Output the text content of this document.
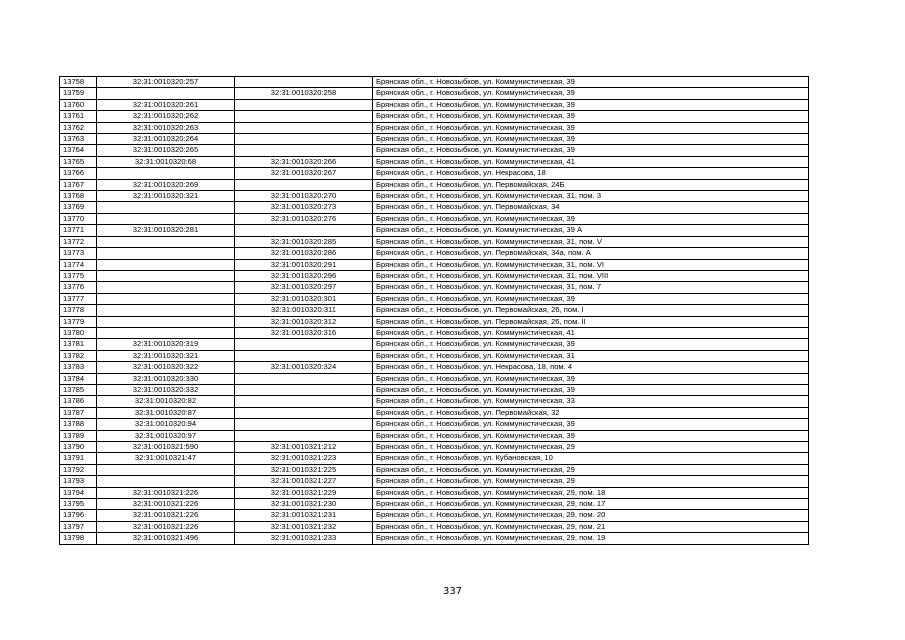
13758	32:31:0010320:257		Брянская обл., г. Новозыбков, ул. Коммунистическая, 39
13759		32:31:0010320:258	Брянская обл., г. Новозыбков, ул. Коммунистическая, 39
13760	32:31:0010320:261		Брянская обл., г. Новозыбков, ул. Коммунистическая, 39
13761	32:31:0010320:262		Брянская обл., г. Новозыбков, ул. Коммунистическая, 39
13762	32:31:0010320:263		Брянская обл., г. Новозыбков, ул. Коммунистическая, 39
13763	32:31:0010320:264		Брянская обл., г. Новозыбков, ул. Коммунистическая, 39
13764	32:31:0010320:265		Брянская обл., г. Новозыбков, ул. Коммунистическая, 39
13765	32:31:0010320:68	32:31:0010320:266	Брянская обл., г. Новозыбков, ул. Коммунистическая, 41
13766		32:31:0010320:267	Брянская обл., г. Новозыбков, ул. Некрасова, 18
13767	32:31:0010320:269		Брянская обл., г. Новозыбков, ул. Первомайская, 24Б
13768	32:31:0010320:321	32:31:0010320:270	Брянская обл., г. Новозыбков, ул. Коммунистическая, 31, пом. 3
13769		32:31:0010320:273	Брянская обл., г. Новозыбков, ул. Первомайская, 34
13770		32:31:0010320:276	Брянская обл., г. Новозыбков, ул. Коммунистическая, 39
13771	32:31:0010320:281		Брянская обл., г. Новозыбков, ул. Коммунистическая, 39 А
13772		32:31:0010320:285	Брянская обл., г. Новозыбков, ул. Коммунистическая, 31, пом. V
13773		32:31:0010320:286	Брянская обл., г. Новозыбков, ул. Первомайская, 34а, пом. А
13774		32:31:0010320:291	Брянская обл., г. Новозыбков, ул. Коммунистическая, 31, пом. VI
13775		32:31:0010320:296	Брянская обл., г. Новозыбков, ул. Коммунистическая, 31, пом. VIII
13776		32:31:0010320:297	Брянская обл., г. Новозыбков, ул. Коммунистическая, 31, пом. 7
13777		32:31:0010320:301	Брянская обл., г. Новозыбков, ул. Коммунистическая, 39
13778		32:31:0010320:311	Брянская обл., г. Новозыбков, ул. Первомайская, 26, пом. I
13779		32:31:0010320:312	Брянская обл., г. Новозыбков, ул. Первомайская, 26, пом. II
13780		32:31:0010320:316	Брянская обл., г. Новозыбков, ул. Коммунистическая, 41
13781	32:31:0010320:319		Брянская обл., г. Новозыбков, ул. Коммунистическая, 39
13782	32:31:0010320:321		Брянская обл., г. Новозыбков, ул. Коммунистическая, 31
13783	32:31:0010320:322	32:31:0010320:324	Брянская обл., г. Новозыбков, ул. Некрасова, 18, пом. 4
13784	32:31:0010320:330		Брянская обл., г. Новозыбков, ул. Коммунистическая, 39
13785	32:31:0010320:332		Брянская обл., г. Новозыбков, ул. Коммунистическая, 39
13786	32:31:0010320:82		Брянская обл., г. Новозыбков, ул. Коммунистическая, 33
13787	32:31:0010320:87		Брянская обл., г. Новозыбков, ул. Первомайская, 32
13788	32:31:0010320:94		Брянская обл., г. Новозыбков, ул. Коммунистическая, 39
13789	32:31:0010320:97		Брянская обл., г. Новозыбков, ул. Коммунистическая, 39
13790	32:31:0010321:590	32:31:0010321:212	Брянская обл., г. Новозыбков, ул. Коммунистическая, 29
13791	32:31:0010321:47	32:31:0010321:223	Брянская обл., г. Новозыбков, ул. Кубановская, 10
13792		32:31:0010321:225	Брянская обл., г. Новозыбков, ул. Коммунистическая, 29
13793		32:31:0010321:227	Брянская обл., г. Новозыбков, ул. Коммунистическая, 29
13794	32:31:0010321:226	32:31:0010321:229	Брянская обл., г. Новозыбков, ул. Коммунистическая, 29, пом. 18
13795	32:31:0010321:226	32:31:0010321:230	Брянская обл., г. Новозыбков, ул. Коммунистическая, 29, пом. 17
13796	32:31:0010321:226	32:31:0010321:231	Брянская обл., г. Новозыбков, ул. Коммунистическая, 29, пом. 20
13797	32:31:0010321:226	32:31:0010321:232	Брянская обл., г. Новозыбков, ул. Коммунистическая, 29, пом. 21
13798	32:31:0010321:496	32:31:0010321:233	Брянская обл., г. Новозыбков, ул. Коммунистическая, 29, пом. 19
337
